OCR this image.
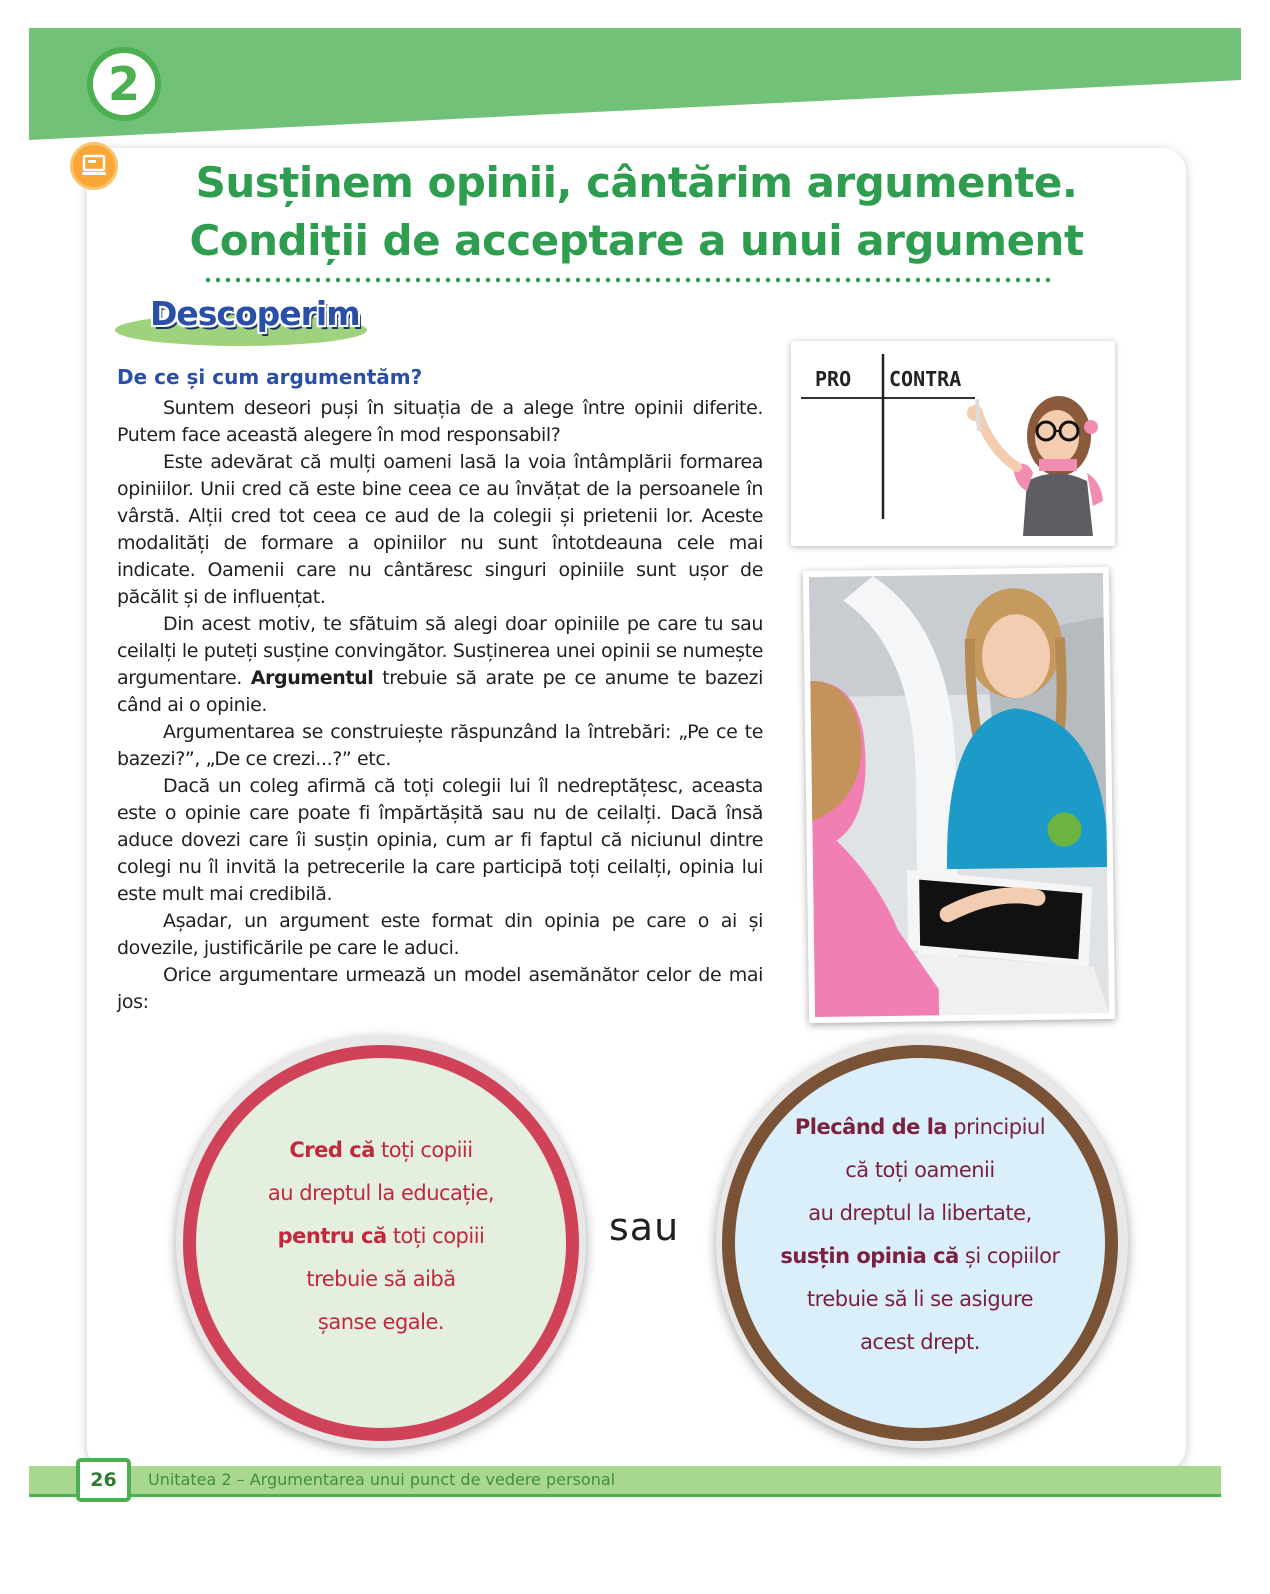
2
Susținem opinii, cântărim argumente.
Condiții de acceptare a unui argument
Descoperim
De ce și cum argumentăm?

Suntem deseori puși în situația de a alege între opinii diferite. Putem face această alegere în mod responsabil?

Este adevărat că mulți oameni lasă la voia întâmplării formarea opiniilor. Unii cred că este bine ceea ce au învățat de la persoanele în vârstă. Alții cred tot ceea ce aud de la colegii și prietenii lor. Aceste modalități de formare a opiniilor nu sunt întotdeauna cele mai indicate. Oamenii care nu cântăresc singuri opiniile sunt ușor de păcălit și de influențat.

Din acest motiv, te sfătuim să alegi doar opiniile pe care tu sau ceilalți le puteți susține convingător. Susținerea unei opinii se numește argumentare. Argumentul trebuie să arate pe ce anume te bazezi când ai o opinie.

Argumentarea se construiește răspunzând la întrebări: „Pe ce te bazezi?”, „De ce crezi...?” etc.

Dacă un coleg afirmă că toți colegii lui îl nedreptățesc, aceasta este o opinie care poate fi împărtășită sau nu de ceilalți. Dacă însă aduce dovezi care îi susțin opinia, cum ar fi faptul că niciunul dintre colegi nu îl invită la petrecerile la care participă toți ceilalți, opinia lui este mult mai credibilă.

Așadar, un argument este format din opinia pe care o ai și dovezile, justificările pe care le aduci.

Orice argumentare urmează un model asemănător celor de mai jos:

PRO CONTRA
Cred că toți copiii
au dreptul la educație,
pentru că toți copiii
trebuie să aibă
șanse egale.
sau
Plecând de la principiul
că toți oamenii
au dreptul la libertate,
susțin opinia că și copiilor
trebuie să li se asigure
acest drept.
26	Unitatea 2 – Argumentarea unui punct de vedere personal
